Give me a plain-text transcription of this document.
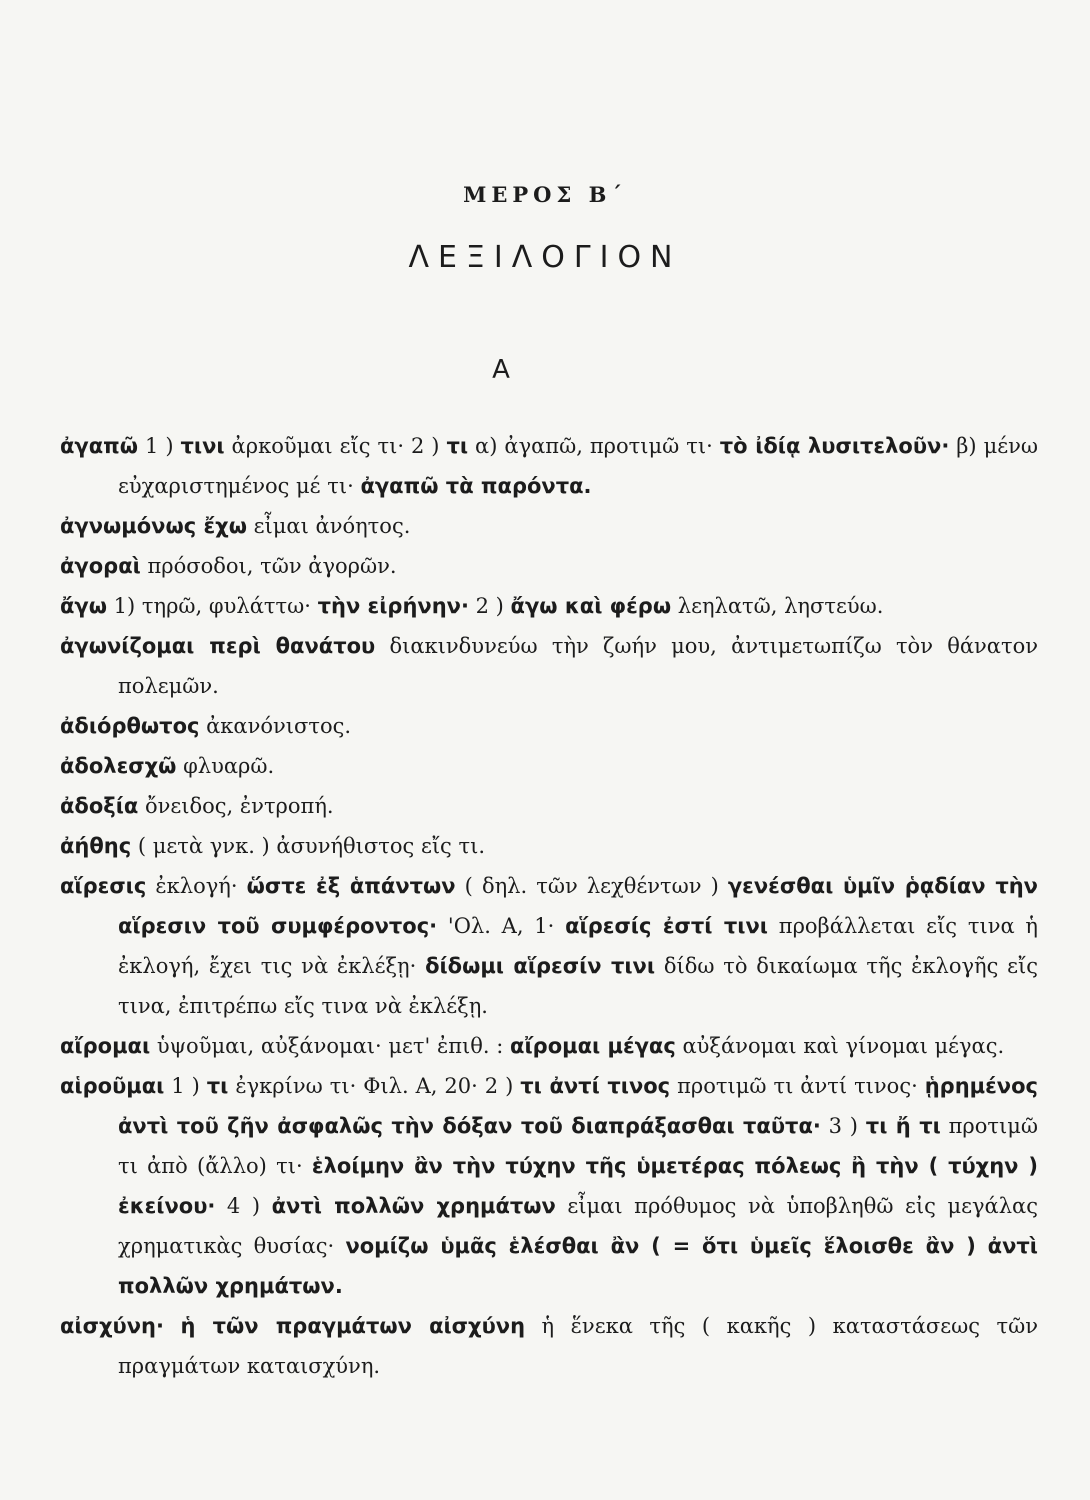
ΜΕΡΟΣ Β΄
ΛΕΞΙΛΟΓΙΟΝ
Α
ἀγαπῶ 1 ) τινι ἀρκοῦμαι εἴς τι· 2 ) τι α) ἀγαπῶ, προτιμῶ τι· τὸ ἰδίᾳ λυσιτελοῦν· β) μένω εὐχαριστημένος μέ τι· ἀγαπῶ τὰ παρόντα.
ἀγνωμόνως ἔχω εἶμαι ἀνόητος.
ἀγοραὶ πρόσοδοι, τῶν ἀγορῶν.
ἄγω 1) τηρῶ, φυλάττω· τὴν εἰρήνην· 2 ) ἄγω καὶ φέρω λεηλατῶ, ληστεύω.
ἀγωνίζομαι περὶ θανάτου διακινδυνεύω τὴν ζωήν μου, ἀντιμετωπίζω τὸν θάνατον πολεμῶν.
ἀδιόρθωτος ἀκανόνιστος.
ἀδολεσχῶ φλυαρῶ.
ἀδοξία ὄνειδος, ἐντροπή.
ἀήθης ( μετὰ γνκ. ) ἀσυνήθιστος εἴς τι.
αἵρεσις ἐκλογή· ὥστε ἐξ ἁπάντων ( δηλ. τῶν λεχθέντων ) γενέσθαι ὑμῖν ῥᾳδίαν τὴν αἵρεσιν τοῦ συμφέροντος· 'Ολ. Α, 1· αἵρεσίς ἐστί τινι προβάλλεται εἴς τινα ἡ ἐκλογή, ἔχει τις νὰ ἐκλέξῃ· δίδωμι αἵρεσίν τινι δίδω τὸ δικαίωμα τῆς ἐκλογῆς εἴς τινα, ἐπιτρέπω εἴς τινα νὰ ἐκλέξῃ.
αἴρομαι ὑψοῦμαι, αὐξάνομαι· μετ' ἐπιθ. : αἴρομαι μέγας αὐξάνομαι καὶ γίνομαι μέγας.
αἱροῦμαι 1 ) τι ἐγκρίνω τι· Φιλ. Α, 20· 2 ) τι ἀντί τινος προτιμῶ τι ἀντί τινος· ᾑρημένος ἀντὶ τοῦ ζῆν ἀσφαλῶς τὴν δόξαν τοῦ διαπράξασθαι ταῦτα· 3 ) τι ἤ τι προτιμῶ τι ἀπὸ (ἄλλο) τι· ἑλοίμην ἂν τὴν τύχην τῆς ὑμετέρας πόλεως ἢ τὴν ( τύχην ) ἐκείνου· 4 ) ἀντὶ πολλῶν χρημάτων εἶμαι πρόθυμος νὰ ὑποβληθῶ εἰς μεγάλας χρηματικὰς θυσίας· νομίζω ὑμᾶς ἑλέσθαι ἂν ( = ὅτι ὑμεῖς ἕλοισθε ἂν ) ἀντὶ πολλῶν χρημάτων.
αἰσχύνη· ἡ τῶν πραγμάτων αἰσχύνη ἡ ἕνεκα τῆς ( κακῆς ) καταστάσεως τῶν πραγμάτων καταισχύνη.
